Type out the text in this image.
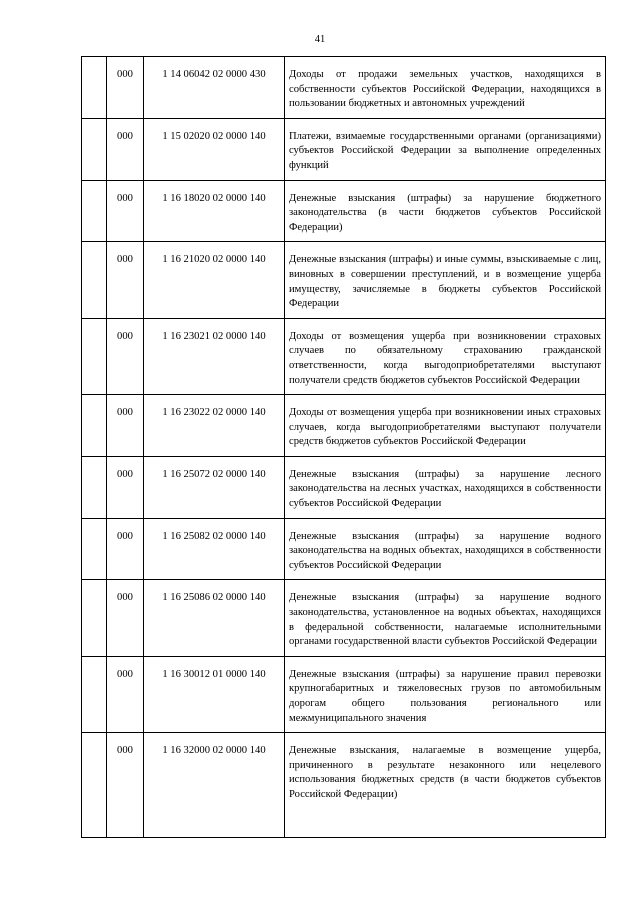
41
	000	1 14 06042 02 0000 430	Доходы от продажи земельных участков, находящихся в собственности субъектов Российской Федерации, находящихся в пользовании бюджетных и автономных учреждений
	000	1 15 02020 02 0000 140	Платежи, взимаемые государственными органами (организациями) субъектов Российской Федерации за выполнение определенных функций
	000	1 16 18020 02 0000 140	Денежные взыскания (штрафы) за нарушение бюджетного законодательства (в части бюджетов субъектов Российской Федерации)
	000	1 16 21020 02 0000 140	Денежные взыскания (штрафы) и иные суммы, взыскиваемые с лиц, виновных в совершении преступлений, и в возмещение ущерба имуществу, зачисляемые в бюджеты субъектов Российской Федерации
	000	1 16 23021 02 0000 140	Доходы от возмещения ущерба при возникновении страховых случаев по обязательному страхованию гражданской ответственности, когда выгодоприобретателями выступают получатели средств бюджетов субъектов Российской Федерации
	000	1 16 23022 02 0000 140	Доходы от возмещения ущерба при возникновении иных страховых случаев, когда выгодоприобретателями выступают получатели средств бюджетов субъектов Российской Федерации
	000	1 16 25072 02 0000 140	Денежные взыскания (штрафы) за нарушение лесного законодательства на лесных участках, находящихся в собственности субъектов Российской Федерации
	000	1 16 25082 02 0000 140	Денежные взыскания (штрафы) за нарушение водного законодательства на водных объектах, находящихся в собственности субъектов Российской Федерации
	000	1 16 25086 02 0000 140	Денежные взыскания (штрафы) за нарушение водного законодательства, установленное на водных объектах, находящихся в федеральной собственности, налагаемые исполнительными органами государственной власти субъектов Российской Федерации
	000	1 16 30012 01 0000 140	Денежные взыскания (штрафы) за нарушение правил перевозки крупногабаритных и тяжеловесных грузов по автомобильным дорогам общего пользования регионального или межмуниципального значения
	000	1 16 32000 02 0000 140	Денежные взыскания, налагаемые в возмещение ущерба, причиненного в результате незаконного или нецелевого использования бюджетных средств (в части бюджетов субъектов Российской Федерации)
